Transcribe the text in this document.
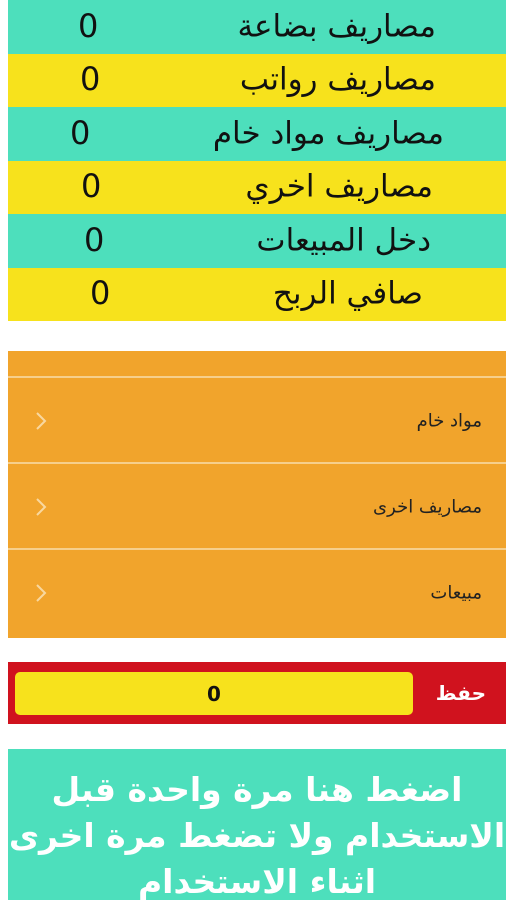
مصاريف بضاعة
0
مصاريف رواتب
0
مصاريف مواد خام
0
مصاريف اخري
0
دخل المبيعات
0
صافي الربح
0
مواد خام
مصاريف اخرى
مبيعات
0	حفظ
اضغط هنا مرة واحدة قبل الاستخدام ولا تضغط مرة اخرى اثناء الاستخدام
